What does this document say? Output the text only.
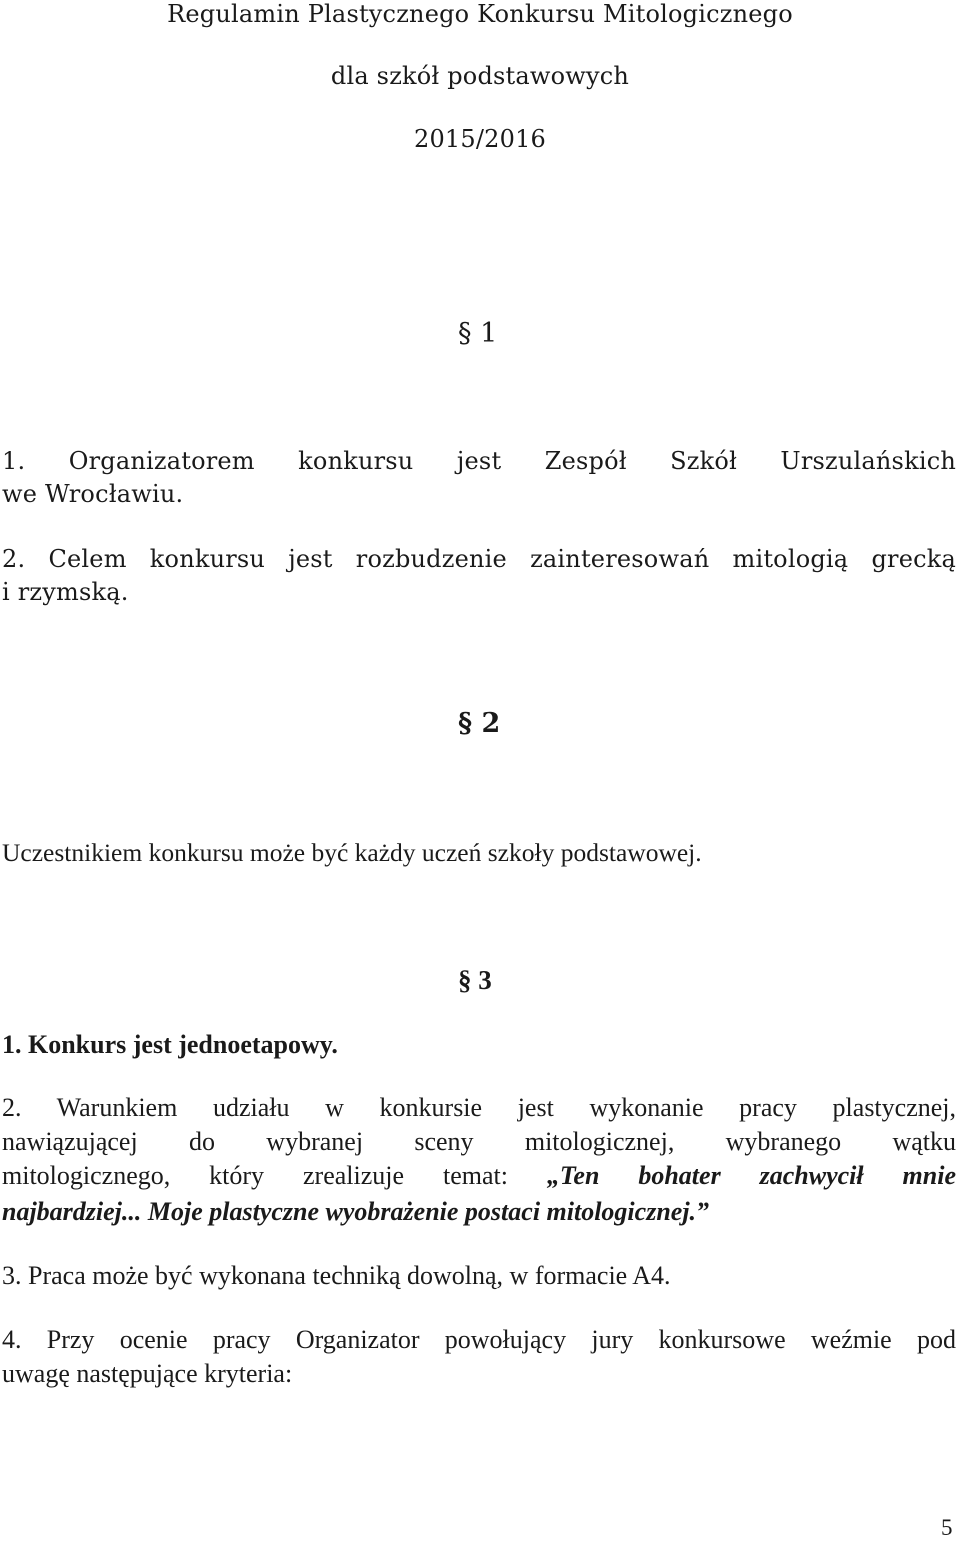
Regulamin Plastycznego Konkursu Mitologicznego
dla szkół podstawowych
2015/2016
§ 1
1. Organizatorem konkursu jest Zespół Szkół Urszulańskich
we Wrocławiu.
2. Celem konkursu jest rozbudzenie zainteresowań mitologią grecką
i rzymską.
§ 2
Uczestnikiem konkursu może być każdy uczeń szkoły podstawowej.
§ 3
1. Konkurs jest jednoetapowy.
2. Warunkiem udziału w konkursie jest wykonanie pracy plastycznej,
nawiązującej do wybranej sceny mitologicznej, wybranego wątku
mitologicznego, który zrealizuje temat: „Ten bohater zachwycił mnie
najbardziej... Moje plastyczne wyobrażenie postaci mitologicznej.”
3. Praca może być wykonana techniką dowolną, w formacie A4.
4. Przy ocenie pracy Organizator powołujący jury konkursowe weźmie pod
uwagę następujące kryteria:
5
